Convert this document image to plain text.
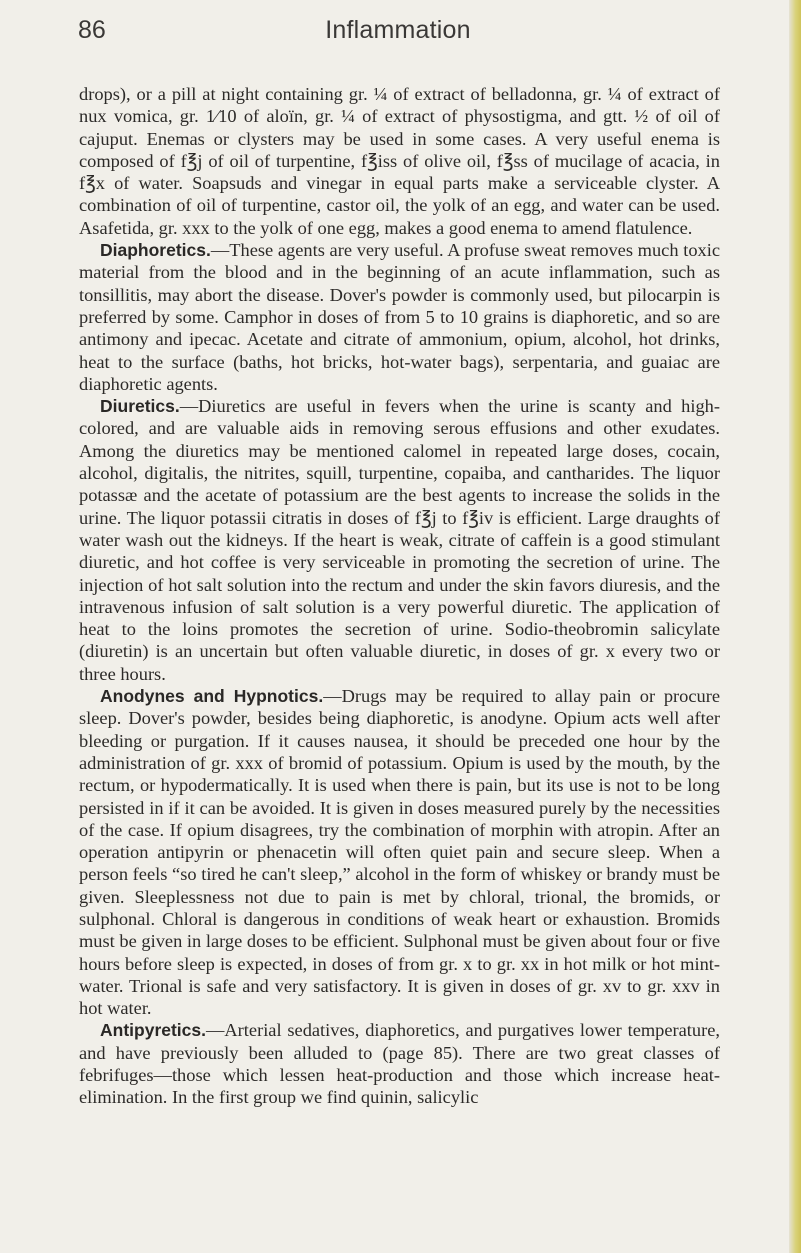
86	Inflammation

drops), or a pill at night containing gr. ¼ of extract of belladonna, gr. ¼ of extract of nux vomica, gr. 1⁄10 of aloïn, gr. ¼ of extract of physostigma, and gtt. ½ of oil of cajuput. Enemas or clysters may be used in some cases. A very useful enema is composed of f℥j of oil of turpentine, f℥iss of olive oil, f℥ss of mucilage of acacia, in f℥x of water. Soapsuds and vinegar in equal parts make a serviceable clyster. A combination of oil of turpentine, castor oil, the yolk of an egg, and water can be used. Asafetida, gr. xxx to the yolk of one egg, makes a good enema to amend flatulence.

Diaphoretics.—These agents are very useful. A profuse sweat removes much toxic material from the blood and in the beginning of an acute inflammation, such as tonsillitis, may abort the disease. Dover's powder is commonly used, but pilocarpin is preferred by some. Camphor in doses of from 5 to 10 grains is diaphoretic, and so are antimony and ipecac. Acetate and citrate of ammonium, opium, alcohol, hot drinks, heat to the surface (baths, hot bricks, hot-water bags), serpentaria, and guaiac are diaphoretic agents.

Diuretics.—Diuretics are useful in fevers when the urine is scanty and high-colored, and are valuable aids in removing serous effusions and other exudates. Among the diuretics may be mentioned calomel in repeated large doses, cocain, alcohol, digitalis, the nitrites, squill, turpentine, copaiba, and cantharides. The liquor potassæ and the acetate of potassium are the best agents to increase the solids in the urine. The liquor potassii citratis in doses of f℥j to f℥iv is efficient. Large draughts of water wash out the kidneys. If the heart is weak, citrate of caffein is a good stimulant diuretic, and hot coffee is very serviceable in promoting the secretion of urine. The injection of hot salt solution into the rectum and under the skin favors diuresis, and the intravenous infusion of salt solution is a very powerful diuretic. The application of heat to the loins promotes the secretion of urine. Sodio-theobromin salicylate (diuretin) is an uncertain but often valuable diuretic, in doses of gr. x every two or three hours.

Anodynes and Hypnotics.—Drugs may be required to allay pain or procure sleep. Dover's powder, besides being diaphoretic, is anodyne. Opium acts well after bleeding or purgation. If it causes nausea, it should be preceded one hour by the administration of gr. xxx of bromid of potassium. Opium is used by the mouth, by the rectum, or hypodermatically. It is used when there is pain, but its use is not to be long persisted in if it can be avoided. It is given in doses measured purely by the necessities of the case. If opium disagrees, try the combination of morphin with atropin. After an operation antipyrin or phenacetin will often quiet pain and secure sleep. When a person feels “so tired he can't sleep,” alcohol in the form of whiskey or brandy must be given. Sleeplessness not due to pain is met by chloral, trional, the bromids, or sulphonal. Chloral is dangerous in conditions of weak heart or exhaustion. Bromids must be given in large doses to be efficient. Sulphonal must be given about four or five hours before sleep is expected, in doses of from gr. x to gr. xx in hot milk or hot mint-water. Trional is safe and very satisfactory. It is given in doses of gr. xv to gr. xxv in hot water.

Antipyretics.—Arterial sedatives, diaphoretics, and purgatives lower temperature, and have previously been alluded to (page 85). There are two great classes of febrifuges—those which lessen heat-production and those which increase heat-elimination. In the first group we find quinin, salicylic
